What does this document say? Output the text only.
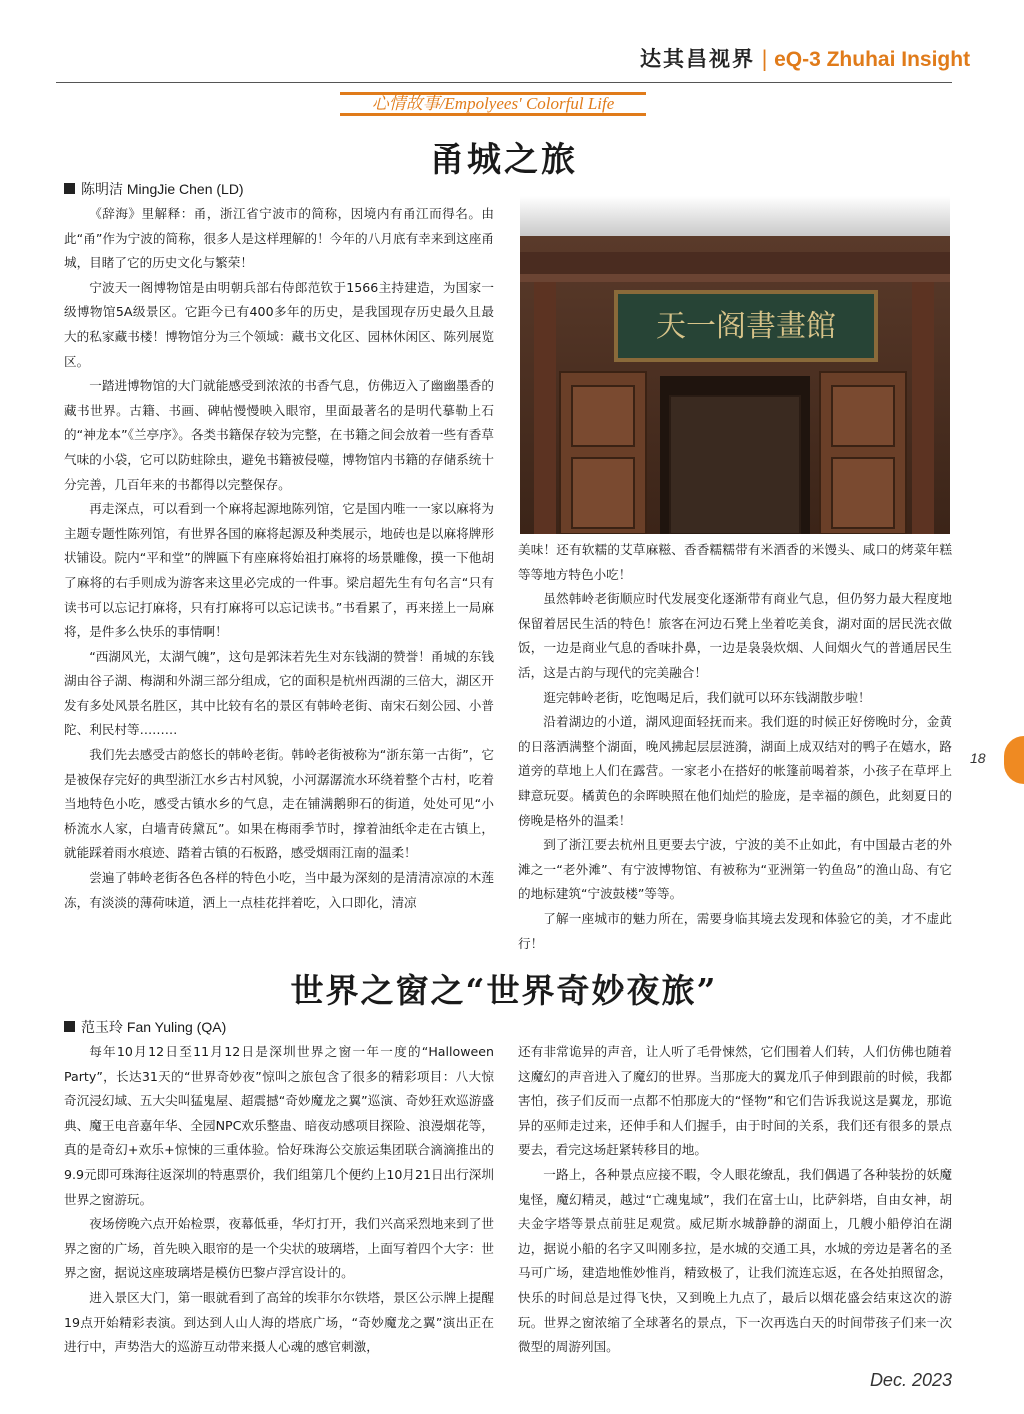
达其昌视界 | eQ-3 Zhuhai Insight
心情故事/Empolyees' Colorful Life
甬城之旅
陈明洁 MingJie Chen (LD)

《辞海》里解释：甬，浙江省宁波市的简称，因境内有甬江而得名。由此“甬”作为宁波的简称，很多人是这样理解的！今年的八月底有幸来到这座甬城，目睹了它的历史文化与繁荣！

宁波天一阁博物馆是由明朝兵部右侍郎范钦于1566主持建造，为国家一级博物馆5A级景区。它距今已有400多年的历史，是我国现存历史最久且最大的私家藏书楼！博物馆分为三个领域：藏书文化区、园林休闲区、陈列展览区。

一踏进博物馆的大门就能感受到浓浓的书香气息，仿佛迈入了幽幽墨香的藏书世界。古籍、书画、碑帖慢慢映入眼帘，里面最著名的是明代摹勒上石的“神龙本”《兰亭序》。各类书籍保存较为完整，在书籍之间会放着一些有香草气味的小袋，它可以防蛀除虫，避免书籍被侵噬，博物馆内书籍的存储系统十分完善，几百年来的书都得以完整保存。

再走深点，可以看到一个麻将起源地陈列馆，它是国内唯一一家以麻将为主题专题性陈列馆，有世界各国的麻将起源及种类展示，地砖也是以麻将牌形状铺设。院内“平和堂”的牌匾下有座麻将始祖打麻将的场景雕像，摸一下他胡了麻将的右手则成为游客来这里必完成的一件事。梁启超先生有句名言“只有读书可以忘记打麻将，只有打麻将可以忘记读书。”书看累了，再来搓上一局麻将，是件多么快乐的事情啊！

“西湖风光，太湖气魄”，这句是郭沫若先生对东钱湖的赞誉！甬城的东钱湖由谷子湖、梅湖和外湖三部分组成，它的面积是杭州西湖的三倍大，湖区开发有多处风景名胜区，其中比较有名的景区有韩岭老街、南宋石刻公园、小普陀、利民村等………

我们先去感受古韵悠长的韩岭老街。韩岭老街被称为“浙东第一古街”，它是被保存完好的典型浙江水乡古村风貌，小河潺潺流水环绕着整个古村，吃着当地特色小吃，感受古镇水乡的气息，走在铺满鹅卵石的街道，处处可见“小桥流水人家，白墙青砖黛瓦”。如果在梅雨季节时，撑着油纸伞走在古镇上，就能踩着雨水痕迹、踏着古镇的石板路，感受烟雨江南的温柔！

尝遍了韩岭老街各色各样的特色小吃，当中最为深刻的是清清凉凉的木莲冻，有淡淡的薄荷味道，洒上一点桂花拌着吃，入口即化，清凉

天一阁書畫館

美味！还有软糯的艾草麻糍、香香糯糯带有米酒香的米馒头、咸口的烤菜年糕等等地方特色小吃！

虽然韩岭老街顺应时代发展变化逐渐带有商业气息，但仍努力最大程度地保留着居民生活的特色！旅客在河边石凳上坐着吃美食，湖对面的居民洗衣做饭，一边是商业气息的香味扑鼻，一边是袅袅炊烟、人间烟火气的普通居民生活，这是古韵与现代的完美融合！

逛完韩岭老街，吃饱喝足后，我们就可以环东钱湖散步啦！

沿着湖边的小道，湖风迎面轻抚而来。我们逛的时候正好傍晚时分，金黄的日落洒满整个湖面，晚风拂起层层涟漪，湖面上成双结对的鸭子在嬉水，路道旁的草地上人们在露营。一家老小在搭好的帐篷前喝着茶，小孩子在草坪上肆意玩耍。橘黄色的余晖映照在他们灿烂的脸庞，是幸福的颜色，此刻夏日的傍晚是格外的温柔！

到了浙江要去杭州且更要去宁波，宁波的美不止如此，有中国最古老的外滩之一“老外滩”、有宁波博物馆、有被称为“亚洲第一钓鱼岛”的渔山岛、有它的地标建筑“宁波鼓楼”等等。

了解一座城市的魅力所在，需要身临其境去发现和体验它的美，才不虚此行！

世界之窗之“世界奇妙夜旅”
范玉玲 Fan Yuling (QA)

每年10月12日至11月12日是深圳世界之窗一年一度的“Halloween Party”，长达31天的“世界奇妙夜”惊叫之旅包含了很多的精彩项目：八大惊奇沉浸幻域、五大尖叫猛鬼屋、超震撼“奇妙魔龙之翼”巡演、奇妙狂欢巡游盛典、魔王电音嘉年华、全园NPC欢乐整蛊、暗夜动感项目探险、浪漫烟花等，真的是奇幻+欢乐+惊悚的三重体验。恰好珠海公交旅运集团联合滴滴推出的9.9元即可珠海往返深圳的特惠票价，我们组第几个便约上10月21日出行深圳世界之窗游玩。

夜场傍晚六点开始检票，夜幕低垂，华灯打开，我们兴高采烈地来到了世界之窗的广场，首先映入眼帘的是一个尖状的玻璃塔，上面写着四个大字：世界之窗，据说这座玻璃塔是模仿巴黎卢浮宫设计的。

进入景区大门，第一眼就看到了高耸的埃菲尔尔铁塔，景区公示牌上提醒19点开始精彩表演。到达到人山人海的塔底广场，“奇妙魔龙之翼”演出正在进行中，声势浩大的巡游互动带来摄人心魂的感官刺激，

还有非常诡异的声音，让人听了毛骨悚然，它们围着人们转，人们仿佛也随着这魔幻的声音进入了魔幻的世界。当那庞大的翼龙爪子伸到跟前的时候，我都害怕，孩子们反而一点都不怕那庞大的“怪物”和它们告诉我说这是翼龙，那诡异的巫师走过来，还伸手和人们握手，由于时间的关系，我们还有很多的景点要去，看完这场赶紧转移目的地。

一路上，各种景点应接不暇，令人眼花缭乱，我们偶遇了各种装扮的妖魔鬼怪，魔幻精灵，越过“亡魂鬼域”，我们在富士山，比萨斜塔，自由女神，胡夫金字塔等景点前驻足观赏。威尼斯水城静静的湖面上，几艘小船停泊在湖边，据说小船的名字又叫刚多拉，是水城的交通工具，水城的旁边是著名的圣马可广场，建造地惟妙惟肖，精致极了，让我们流连忘返，在各处拍照留念，快乐的时间总是过得飞快，又到晚上九点了，最后以烟花盛会结束这次的游玩。世界之窗浓缩了全球著名的景点，下一次再选白天的时间带孩子们来一次微型的周游列国。

18
Dec. 2023
